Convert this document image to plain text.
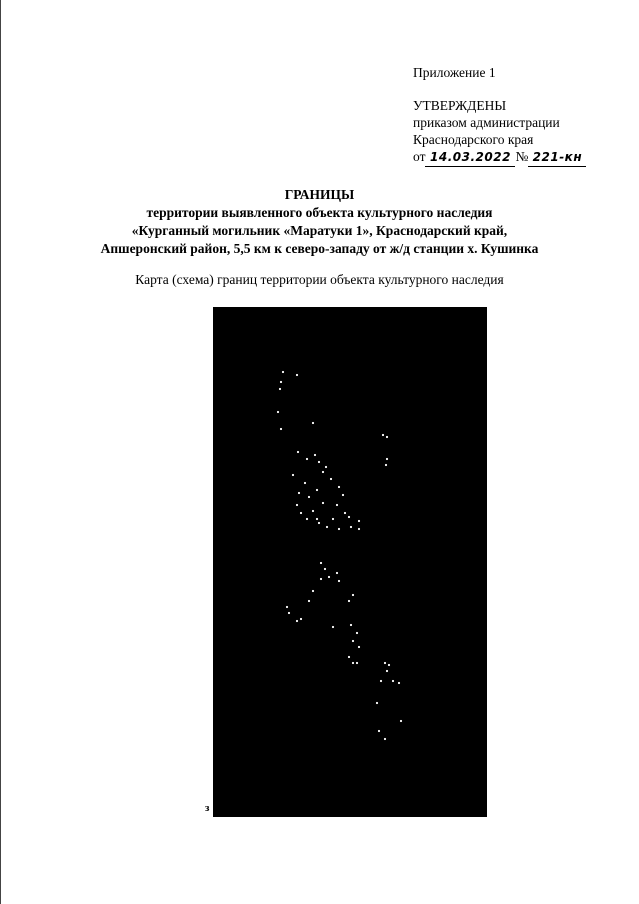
Приложение 1
УТВЕРЖДЕНЫ
приказом администрации
Краснодарского края
от 14.03.2022 № 221-кн
ГРАНИЦЫ
территории выявленного объекта культурного наследия
«Курганный могильник «Маратуки 1», Краснодарский край,
Апшеронский район, 5,5 км к северо-западу от ж/д станции х. Кушинка
Карта (схема) границ территории объекта культурного наследия
з
